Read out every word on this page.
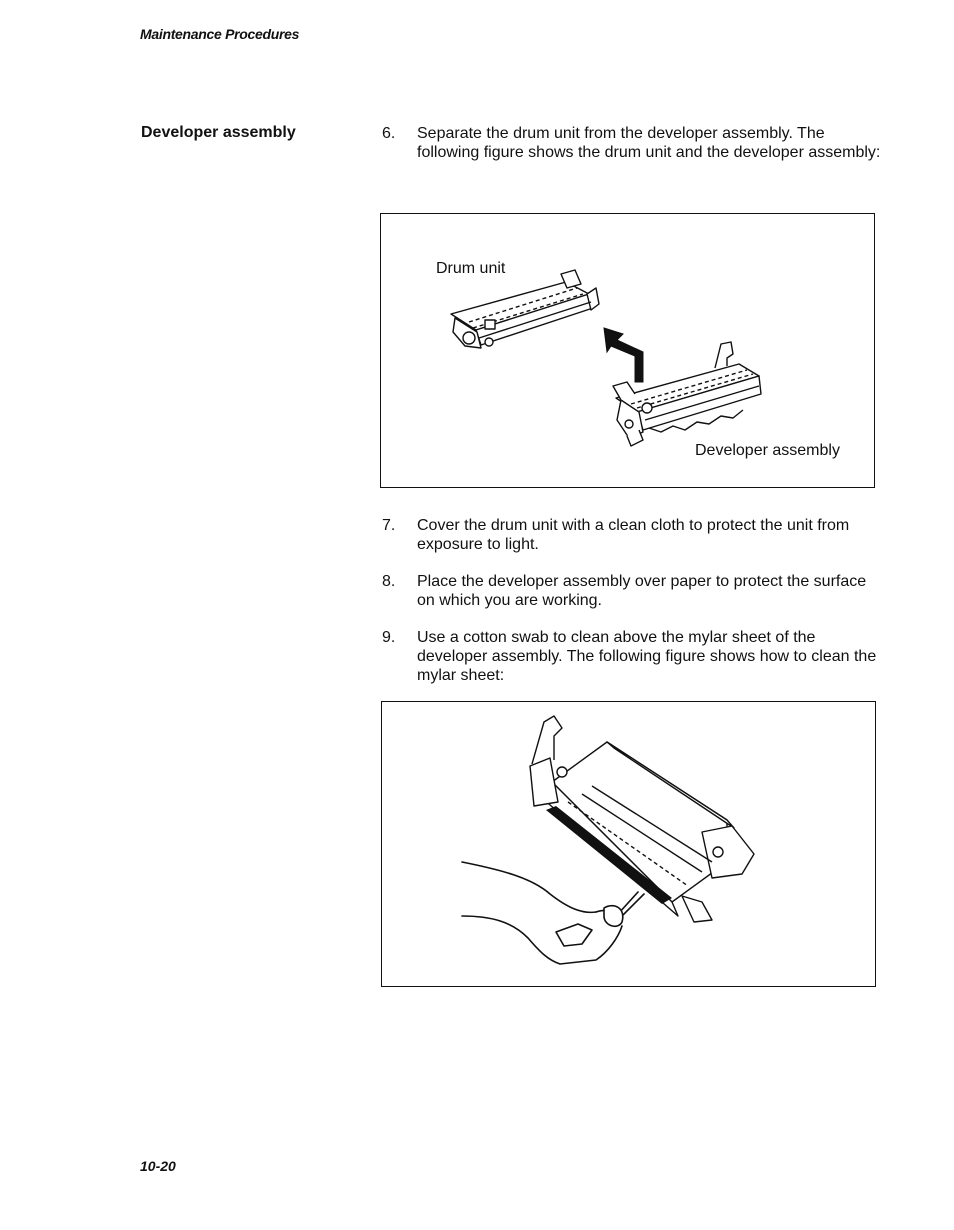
Maintenance Procedures
Developer assembly	6.	Separate the drum unit from the developer assembly. The following figure shows the drum unit and the developer assembly:
Drum unit
Developer assembly
7.	Cover the drum unit with a clean cloth to protect the unit from exposure to light.
8.	Place the developer assembly over paper to protect the surface on which you are working.
9.	Use a cotton swab to clean above the mylar sheet of the developer assembly. The following figure shows how to clean the mylar sheet:
10-20
